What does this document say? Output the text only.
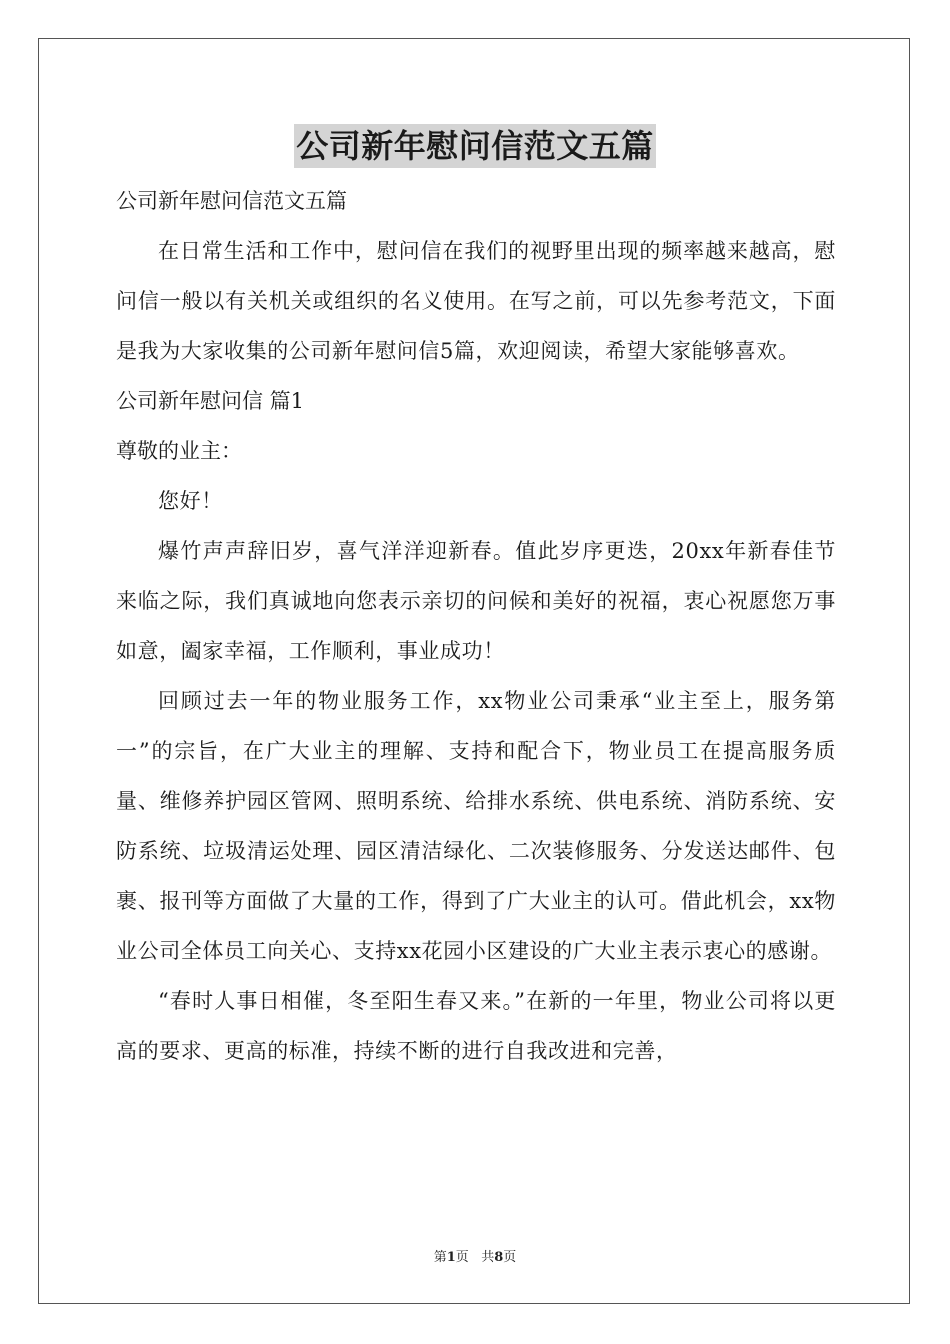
公司新年慰问信范文五篇

公司新年慰问信范文五篇

在日常生活和工作中，慰问信在我们的视野里出现的频率越来越高，慰问信一般以有关机关或组织的名义使用。在写之前，可以先参考范文，下面是我为大家收集的公司新年慰问信5篇，欢迎阅读，希望大家能够喜欢。

公司新年慰问信 篇1

尊敬的业主：

您好！

爆竹声声辞旧岁，喜气洋洋迎新春。值此岁序更迭，20xx年新春佳节来临之际，我们真诚地向您表示亲切的问候和美好的祝福，衷心祝愿您万事如意，阖家幸福，工作顺利，事业成功！

回顾过去一年的物业服务工作，xx物业公司秉承“业主至上，服务第一”的宗旨，在广大业主的理解、支持和配合下，物业员工在提高服务质量、维修养护园区管网、照明系统、给排水系统、供电系统、消防系统、安防系统、垃圾清运处理、园区清洁绿化、二次装修服务、分发送达邮件、包裹、报刊等方面做了大量的工作，得到了广大业主的认可。借此机会，xx物业公司全体员工向关心、支持xx花园小区建设的广大业主表示衷心的感谢。

“春时人事日相催，冬至阳生春又来。”在新的一年里，物业公司将以更高的要求、更高的标准，持续不断的进行自我改进和完善，

第1页 共8页
